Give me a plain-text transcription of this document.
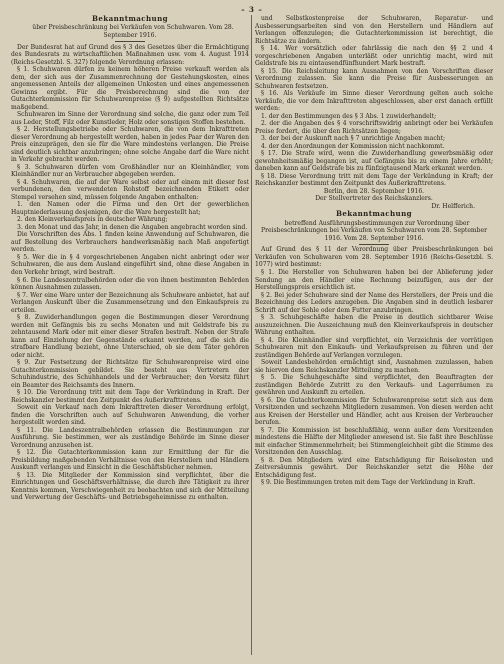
– 3 –
Bekanntmachung

über Preisbeschränkung bei Verkäufen von Schuhwaren. Vom 28. September 1916.

Der Bundesrat hat auf Grund des § 3 des Gesetzes über die Ermächtigung des Bundesrats zu wirtschaftlichen Maßnahmen usw. vom 4. August 1914 (Reichs-Gesetzbl. S. 327) folgende Verordnung erlassen:

§ 1. Schuhwaren dürfen zu keinem höheren Preise verkauft werden als dem, der sich aus der Zusammenrechnung der Gestehungskosten, eines angemessenen Anteils der allgemeinen Unkosten und eines angemessenen Gewinns ergibt. Für die Preisberechnung sind die von der Gutachterkommission für Schuhwarenpreise (§ 9) aufgestellten Richtsätze maßgebend.

Schuhwaren im Sinne der Verordnung sind solche, die ganz oder zum Teil aus Leder, Stoff, Filz oder Kunstleder, Holz oder sonstigen Stoffen bestehen.

§ 2. Herstellungsbetriebe oder Schuhwaren, die von dem Inkrafttreten dieser Verordnung ab hergestellt werden, haben in jedes Paar der Waren den Preis einzuprägen, den sie für die Ware mindestens verlangen. Die Preise sind deutlich sichtbar anzubringen; ohne solche Angabe darf die Ware nicht in Verkehr gebracht werden.

§ 3. Schuhwaren dürfen vom Großhändler nur an Kleinhändler, vom Kleinhändler nur an Verbraucher abgegeben werden.

§ 4. Schuhwaren, die auf der Ware selbst oder auf einem mit dieser fest verbundenen, den verwendeten Rohstoff bezeichnenden Etikett oder Stempel versehen sind, müssen folgende Angaben enthalten:

1. den Namen oder die Firma und den Ort der gewerblichen Hauptniederlassung desjenigen, der die Ware hergestellt hat;

2. den Kleinverkaufspreis in deutscher Währung;

3. den Monat und das Jahr, in denen die Angaben angebracht worden sind.

Die Vorschriften des Abs. 1 finden keine Anwendung auf Schuhwaren, die auf Bestellung des Verbrauchers handwerksmäßig nach Maß angefertigt werden.

§ 5. Wer die in § 4 vorgeschriebenen Angaben nicht anbringt oder wer Schuhwaren, die aus dem Ausland eingeführt sind, ohne diese Angaben in den Verkehr bringt, wird bestraft.

§ 6. Die Landeszentralbehörden oder die von ihnen bestimmten Behörden können Ausnahmen zulassen.

§ 7. Wer eine Ware unter der Bezeichnung als Schuhware anbietet, hat auf Verlangen Auskunft über die Zusammensetzung und den Einkaufspreis zu erteilen.

§ 8. Zuwiderhandlungen gegen die Bestimmungen dieser Verordnung werden mit Gefängnis bis zu sechs Monaten und mit Geldstrafe bis zu zehntausend Mark oder mit einer dieser Strafen bestraft. Neben der Strafe kann auf Einziehung der Gegenstände erkannt werden, auf die sich die strafbare Handlung bezieht, ohne Unterschied, ob sie dem Täter gehören oder nicht.

§ 9. Zur Festsetzung der Richtsätze für Schuhwarenpreise wird eine Gutachterkommission gebildet. Sie besteht aus Vertretern der Schuhindustrie, des Schuhhandels und der Verbraucher; den Vorsitz führt ein Beamter des Reichsamts des Innern.

§ 10. Die Verordnung tritt mit dem Tage der Verkündung in Kraft. Der Reichskanzler bestimmt den Zeitpunkt des Außerkrafttretens.

Soweit ein Verkauf nach dem Inkrafttreten dieser Verordnung erfolgt, finden die Vorschriften auch auf Schuhwaren Anwendung, die vorher hergestellt worden sind.

§ 11. Die Landeszentralbehörden erlassen die Bestimmungen zur Ausführung. Sie bestimmen, wer als zuständige Behörde im Sinne dieser Verordnung anzusehen ist.

§ 12. Die Gutachterkommission kann zur Ermittlung der für die Preisbildung maßgebenden Verhältnisse von den Herstellern und Händlern Auskunft verlangen und Einsicht in die Geschäftsbücher nehmen.

§ 13. Die Mitglieder der Kommission sind verpflichtet, über die Einrichtungen und Geschäftsverhältnisse, die durch ihre Tätigkeit zu ihrer Kenntnis kommen, Verschwiegenheit zu beobachten und sich der Mitteilung und Verwertung der Geschäfts- und Betriebsgeheimnisse zu enthalten.

und Selbstkostenpreise der Schuhwaren, Reparatur- und Ausbesserungsarbeiten sind von den Herstellern und Händlern auf Verlangen offenzulegen; die Gutachterkommission ist berechtigt, die Richtsätze zu ändern.

§ 14. Wer vorsätzlich oder fahrlässig die nach den §§ 2 und 4 vorgeschriebenen Angaben unterläßt oder unrichtig macht, wird mit Geldstrafe bis zu eintausendfünfhundert Mark bestraft.

§ 15. Die Reichsleitung kann Ausnahmen von den Vorschriften dieser Verordnung zulassen. Sie kann die Preise für Ausbesserungen an Schuhwaren festsetzen.

§ 16. Als Verkäufe im Sinne dieser Verordnung gelten auch solche Verkäufe, die vor dem Inkrafttreten abgeschlossen, aber erst danach erfüllt werden:

1. der den Bestimmungen des § 3 Abs. 1 zuwiderhandelt;

2. der die Angaben des § 4 vorschriftswidrig anbringt oder bei Verkäufen Preise fordert, die über den Richtsätzen liegen;

3. der bei der Auskunft nach § 7 unrichtige Angaben macht;

4. der den Anordnungen der Kommission nicht nachkommt.

§ 17. Die Strafe wird, wenn die Zuwiderhandlung gewerbsmäßig oder gewohnheitsmäßig begangen ist, auf Gefängnis bis zu einem Jahre erhöht; daneben kann auf Geldstrafe bis zu fünfzigtausend Mark erkannt werden.

§ 18. Diese Verordnung tritt mit dem Tage der Verkündung in Kraft; der Reichskanzler bestimmt den Zeitpunkt des Außerkrafttretens.

Berlin, den 28. September 1916.

Der Stellvertreter des Reichskanzlers.

Dr. Helfferich.

Bekanntmachung

betreffend Ausführungsbestimmungen zur Verordnung über Preisbeschränkungen bei Verkäufen von Schuhwaren vom 28. September 1916. Vom 28. September 1916.

Auf Grund des § 11 der Verordnung über Preisbeschränkungen bei Verkäufen von Schuhwaren vom 28. September 1916 (Reichs-Gesetzbl. S. 1077) wird bestimmt:

§ 1. Die Hersteller von Schuhwaren haben bei der Ablieferung jeder Sendung an den Händler eine Rechnung beizufügen, aus der der Herstellungspreis ersichtlich ist.

§ 2. Bei jeder Schuhware sind der Name des Herstellers, der Preis und die Bezeichnung des Leders anzugeben. Die Angaben sind in deutlich lesbarer Schrift auf der Sohle oder dem Futter anzubringen.

§ 3. Schuhgeschäfte haben die Preise in deutlich sichtbarer Weise auszuzeichnen. Die Auszeichnung muß den Kleinverkaufspreis in deutscher Währung enthalten.

§ 4. Die Kleinhändler sind verpflichtet, ein Verzeichnis der vorrätigen Schuhwaren mit den Einkaufs- und Verkaufspreisen zu führen und der zuständigen Behörde auf Verlangen vorzulegen.

Soweit Landesbehörden ermächtigt sind, Ausnahmen zuzulassen, haben sie hiervon dem Reichskanzler Mitteilung zu machen.

§ 5. Die Schuhgeschäfte sind verpflichtet, den Beauftragten der zuständigen Behörde Zutritt zu den Verkaufs- und Lagerräumen zu gewähren und Auskunft zu erteilen.

§ 6. Die Gutachterkommission für Schuhwarenpreise setzt sich aus dem Vorsitzenden und sechzehn Mitgliedern zusammen. Von diesen werden acht aus Kreisen der Hersteller und Händler, acht aus Kreisen der Verbraucher berufen.

§ 7. Die Kommission ist beschlußfähig, wenn außer dem Vorsitzenden mindestens die Hälfte der Mitglieder anwesend ist. Sie faßt ihre Beschlüsse mit einfacher Stimmenmehrheit; bei Stimmengleichheit gibt die Stimme des Vorsitzenden den Ausschlag.

§ 8. Den Mitgliedern wird eine Entschädigung für Reisekosten und Zeitversäumnis gewährt. Der Reichskanzler setzt die Höhe der Entschädigung fest.

§ 9. Die Bestimmungen treten mit dem Tage der Verkündung in Kraft.
